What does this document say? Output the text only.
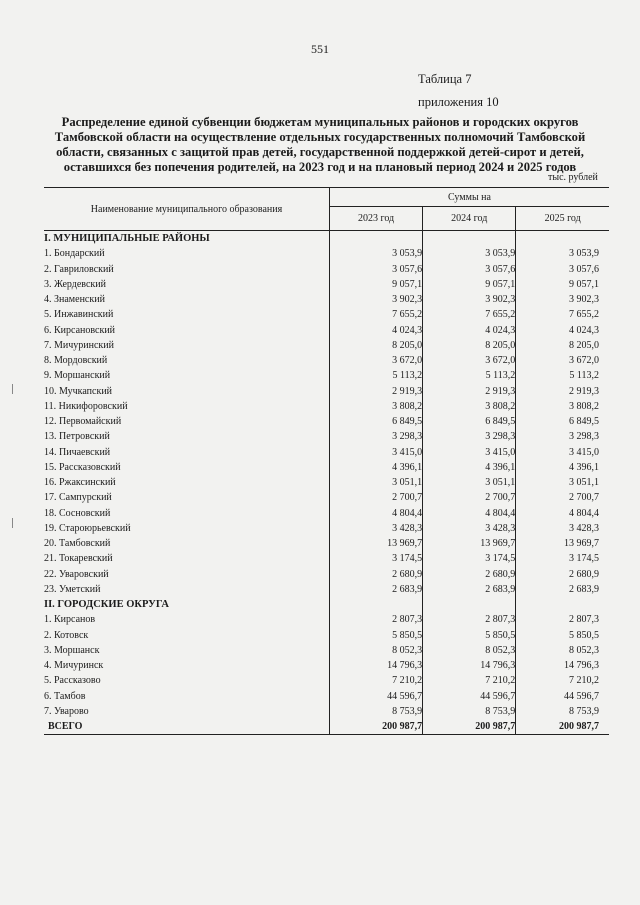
551
Таблица 7
приложения 10
Распределение единой субвенции бюджетам муниципальных районов и городских округов
Тамбовской области на осуществление отдельных государственных полномочий Тамбовской
области, связанных с защитой прав детей, государственной поддержкой детей-сирот и детей,
оставшихся без попечения родителей, на 2023 год и на плановый период 2024 и 2025 годов
тыс. рублей
Наименование муниципального образования	Суммы на		
	2023 год	2024 год	2025 год
I. МУНИЦИПАЛЬНЫЕ РАЙОНЫ			
1. Бондарский	3 053,9	3 053,9	3 053,9
2. Гавриловский	3 057,6	3 057,6	3 057,6
3. Жердевский	9 057,1	9 057,1	9 057,1
4. Знаменский	3 902,3	3 902,3	3 902,3
5. Инжавинский	7 655,2	7 655,2	7 655,2
6. Кирсановский	4 024,3	4 024,3	4 024,3
7. Мичуринский	8 205,0	8 205,0	8 205,0
8. Мордовский	3 672,0	3 672,0	3 672,0
9. Моршанский	5 113,2	5 113,2	5 113,2
10. Мучкапский	2 919,3	2 919,3	2 919,3
11. Никифоровский	3 808,2	3 808,2	3 808,2
12. Первомайский	6 849,5	6 849,5	6 849,5
13. Петровский	3 298,3	3 298,3	3 298,3
14. Пичаевский	3 415,0	3 415,0	3 415,0
15. Рассказовский	4 396,1	4 396,1	4 396,1
16. Ржаксинский	3 051,1	3 051,1	3 051,1
17. Сампурский	2 700,7	2 700,7	2 700,7
18. Сосновский	4 804,4	4 804,4	4 804,4
19. Староюрьевский	3 428,3	3 428,3	3 428,3
20. Тамбовский	13 969,7	13 969,7	13 969,7
21. Токаревский	3 174,5	3 174,5	3 174,5
22. Уваровский	2 680,9	2 680,9	2 680,9
23. Уметский	2 683,9	2 683,9	2 683,9
II. ГОРОДСКИЕ ОКРУГА			
1. Кирсанов	2 807,3	2 807,3	2 807,3
2. Котовск	5 850,5	5 850,5	5 850,5
3. Моршанск	8 052,3	8 052,3	8 052,3
4. Мичуринск	14 796,3	14 796,3	14 796,3
5. Рассказово	7 210,2	7 210,2	7 210,2
6. Тамбов	44 596,7	44 596,7	44 596,7
7. Уварово	8 753,9	8 753,9	8 753,9
ВСЕГО	200 987,7	200 987,7	200 987,7
